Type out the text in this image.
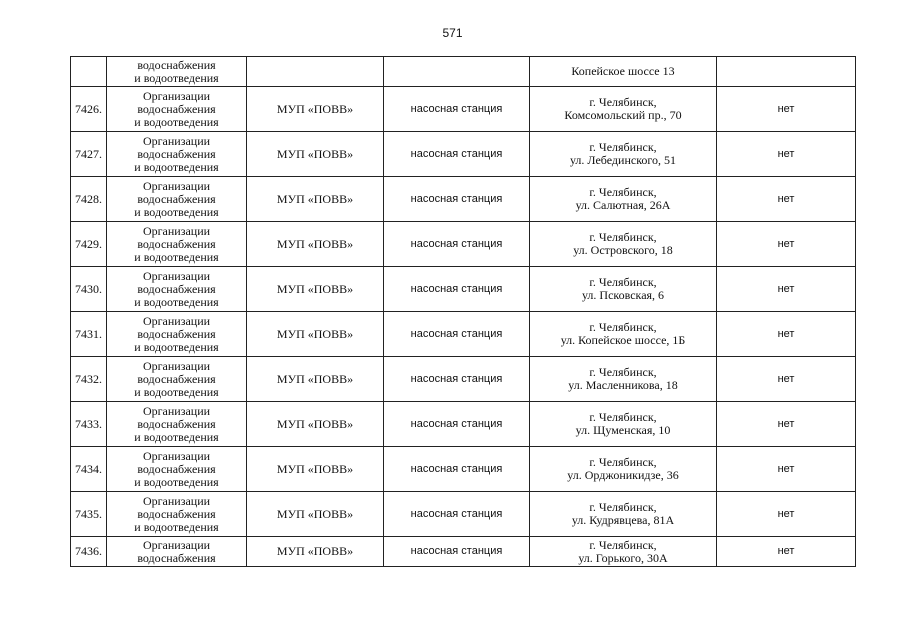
571

	водоснабжения
и водоотведения			Копейское шоссе 13	

7426.	Организации
водоснабжения
и водоотведения	МУП «ПОВВ»	насосная станция	г. Челябинск,
Комсомольский пр., 70	нет
7427.	Организации
водоснабжения
и водоотведения	МУП «ПОВВ»	насосная станция	г. Челябинск,
ул. Лебединского, 51	нет
7428.	Организации
водоснабжения
и водоотведения	МУП «ПОВВ»	насосная станция	г. Челябинск,
ул. Салютная, 26А	нет
7429.	Организации
водоснабжения
и водоотведения	МУП «ПОВВ»	насосная станция	г. Челябинск,
ул. Островского, 18	нет
7430.	Организации
водоснабжения
и водоотведения	МУП «ПОВВ»	насосная станция	г. Челябинск,
ул. Псковская, 6	нет
7431.	Организации
водоснабжения
и водоотведения	МУП «ПОВВ»	насосная станция	г. Челябинск,
ул. Копейское шоссе, 1Б	нет
7432.	Организации
водоснабжения
и водоотведения	МУП «ПОВВ»	насосная станция	г. Челябинск,
ул. Масленникова, 18	нет
7433.	Организации
водоснабжения
и водоотведения	МУП «ПОВВ»	насосная станция	г. Челябинск,
ул. Щуменская, 10	нет
7434.	Организации
водоснабжения
и водоотведения	МУП «ПОВВ»	насосная станция	г. Челябинск,
ул. Орджоникидзе, 36	нет
7435.	Организации
водоснабжения
и водоотведения	МУП «ПОВВ»	насосная станция	г. Челябинск,
ул. Кудрявцева, 81А	нет
7436.	Организации
водоснабжения	МУП «ПОВВ»	насосная станция	г. Челябинск,
ул. Горького, 30А	нет
